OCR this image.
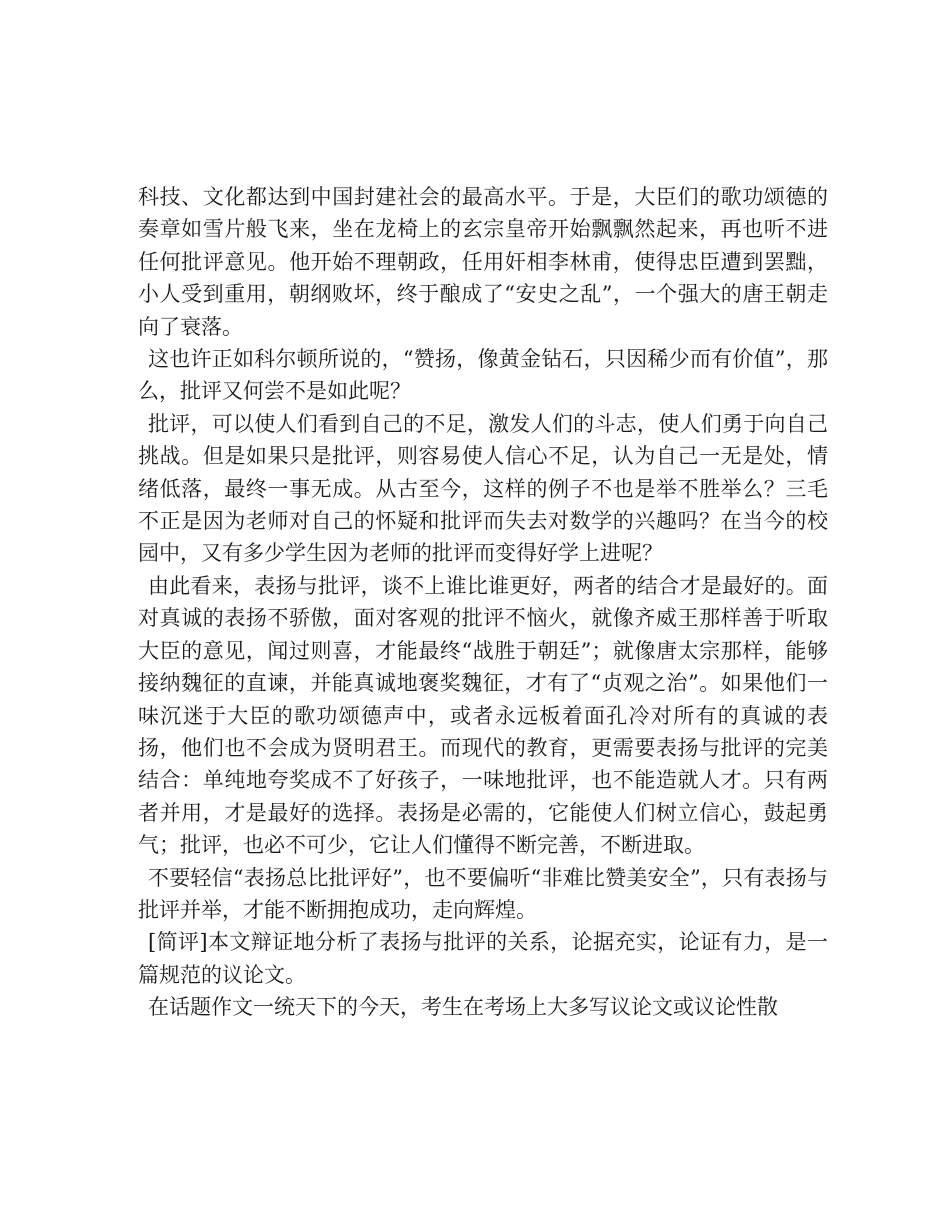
科技、文化都达到中国封建社会的最高水平。于是，大臣们的歌功颂德的奏章如雪片般飞来，坐在龙椅上的玄宗皇帝开始飘飘然起来，再也听不进任何批评意见。他开始不理朝政，任用奸相李林甫，使得忠臣遭到罢黜，小人受到重用，朝纲败坏，终于酿成了“安史之乱”，一个强大的唐王朝走向了衰落。

这也许正如科尔顿所说的，“赞扬，像黄金钻石，只因稀少而有价值”，那么，批评又何尝不是如此呢？

批评，可以使人们看到自己的不足，激发人们的斗志，使人们勇于向自己挑战。但是如果只是批评，则容易使人信心不足，认为自己一无是处，情绪低落，最终一事无成。从古至今，这样的例子不也是举不胜举么？三毛不正是因为老师对自己的怀疑和批评而失去对数学的兴趣吗？在当今的校园中，又有多少学生因为老师的批评而变得好学上进呢？

由此看来，表扬与批评，谈不上谁比谁更好，两者的结合才是最好的。面对真诚的表扬不骄傲，面对客观的批评不恼火，就像齐威王那样善于听取大臣的意见，闻过则喜，才能最终“战胜于朝廷”；就像唐太宗那样，能够接纳魏征的直谏，并能真诚地褒奖魏征，才有了“贞观之治”。如果他们一味沉迷于大臣的歌功颂德声中，或者永远板着面孔冷对所有的真诚的表扬，他们也不会成为贤明君王。而现代的教育，更需要表扬与批评的完美结合：单纯地夸奖成不了好孩子，一味地批评，也不能造就人才。只有两者并用，才是最好的选择。表扬是必需的，它能使人们树立信心，鼓起勇气；批评，也必不可少，它让人们懂得不断完善，不断进取。

不要轻信“表扬总比批评好”，也不要偏听“非难比赞美安全”，只有表扬与批评并举，才能不断拥抱成功，走向辉煌。

[简评]本文辩证地分析了表扬与批评的关系，论据充实，论证有力，是一篇规范的议论文。

在话题作文一统天下的今天，考生在考场上大多写议论文或议论性散
